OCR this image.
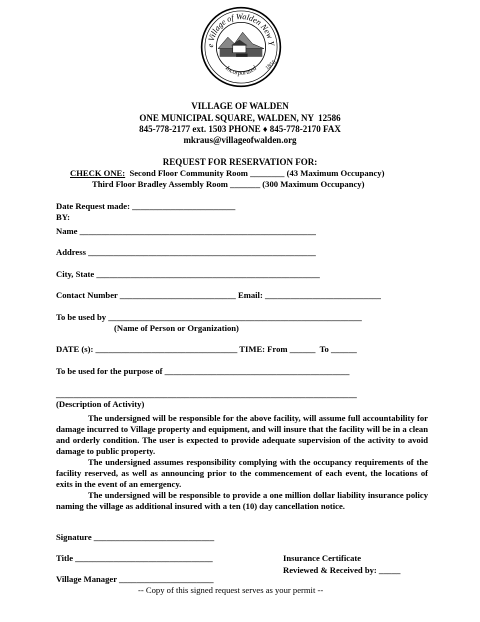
e Village of Walden New Y
Incorporated 1855
VILLAGE OF WALDEN
ONE MUNICIPAL SQUARE, WALDEN, NY  12586
845-778-2177 ext. 1503 PHONE ♦ 845-778-2170 FAX
mkraus@villageofwalden.org
REQUEST FOR RESERVATION FOR:
CHECK ONE:  Second Floor Community Room ________ (43 Maximum Occupancy)
Third Floor Bradley Assembly Room _______ (300 Maximum Occupancy)
Date Request made: ________________________
BY:
Name _______________________________________________________
Address _____________________________________________________
City, State ____________________________________________________
Contact Number ___________________________ Email: ___________________________
To be used by ___________________________________________________________
(Name of Person or Organization)
DATE (s): _________________________________ TIME: From ______  To ______
To be used for the purpose of ___________________________________________
______________________________________________________________________
(Description of Activity)

The undersigned will be responsible for the above facility, will assume full accountability for damage incurred to Village property and equipment, and will insure that the facility will be in a clean and orderly condition. The user is expected to provide adequate supervision of the activity to avoid damage to public property.

The undersigned assumes responsibility complying with the occupancy requirements of the facility reserved, as well as announcing prior to the commencement of each event, the locations of exits in the event of an emergency.

The undersigned will be responsible to provide a one million dollar liability insurance policy naming the village as additional insured with a ten (10) day cancellation notice.

Signature ____________________________
Title ________________________________	Insurance Certificate
Reviewed & Received by: _____
Village Manager ______________________
-- Copy of this signed request serves as your permit --
